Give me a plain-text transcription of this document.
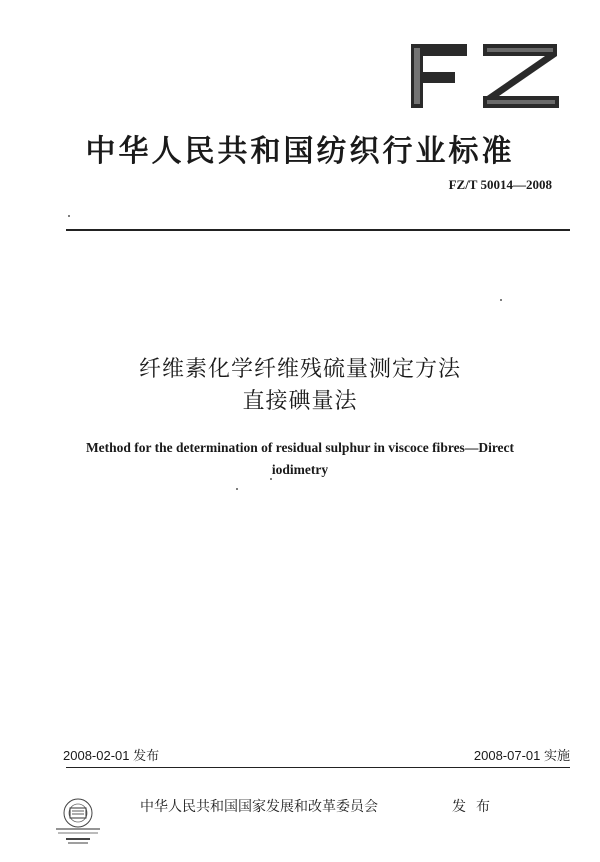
中华人民共和国纺织行业标准
FZ/T 50014—2008
纤维素化学纤维残硫量测定方法
直接碘量法
Method for the determination of residual sulphur in viscoce fibres—Direct
iodimetry
2008-02-01 发布	2008-07-01 实施
中华人民共和国国家发展和改革委员会	发布
